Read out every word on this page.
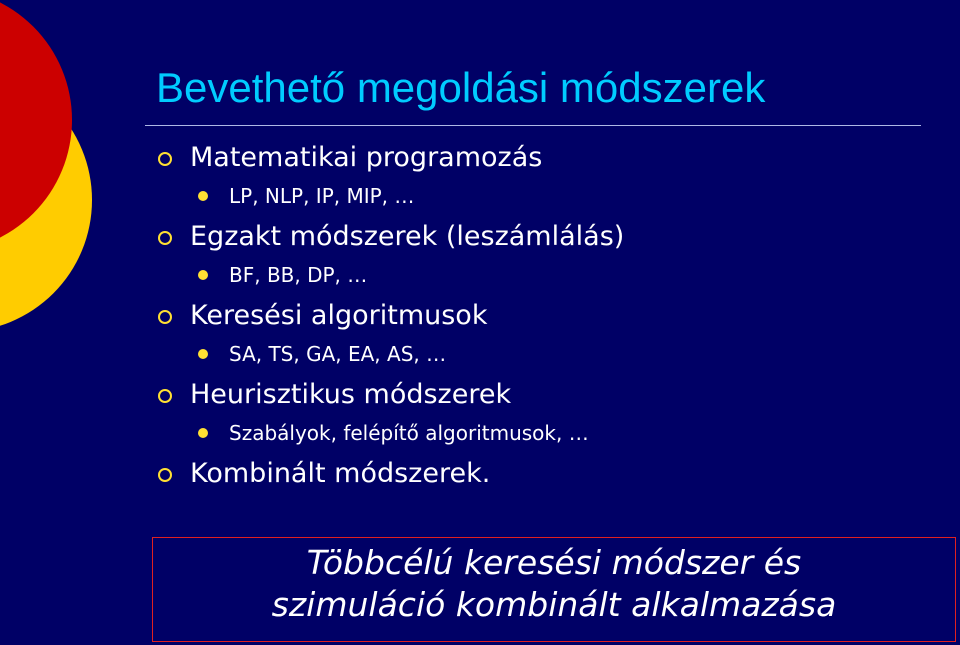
Bevethető megoldási módszerek
Matematikai programozás
LP, NLP, IP, MIP, …
Egzakt módszerek (leszámlálás)
BF, BB, DP, …
Keresési algoritmusok
SA, TS, GA, EA, AS, …
Heurisztikus módszerek
Szabályok, felépítő algoritmusok, …
Kombinált módszerek.
Többcélú keresési módszer és
szimuláció kombinált alkalmazása
